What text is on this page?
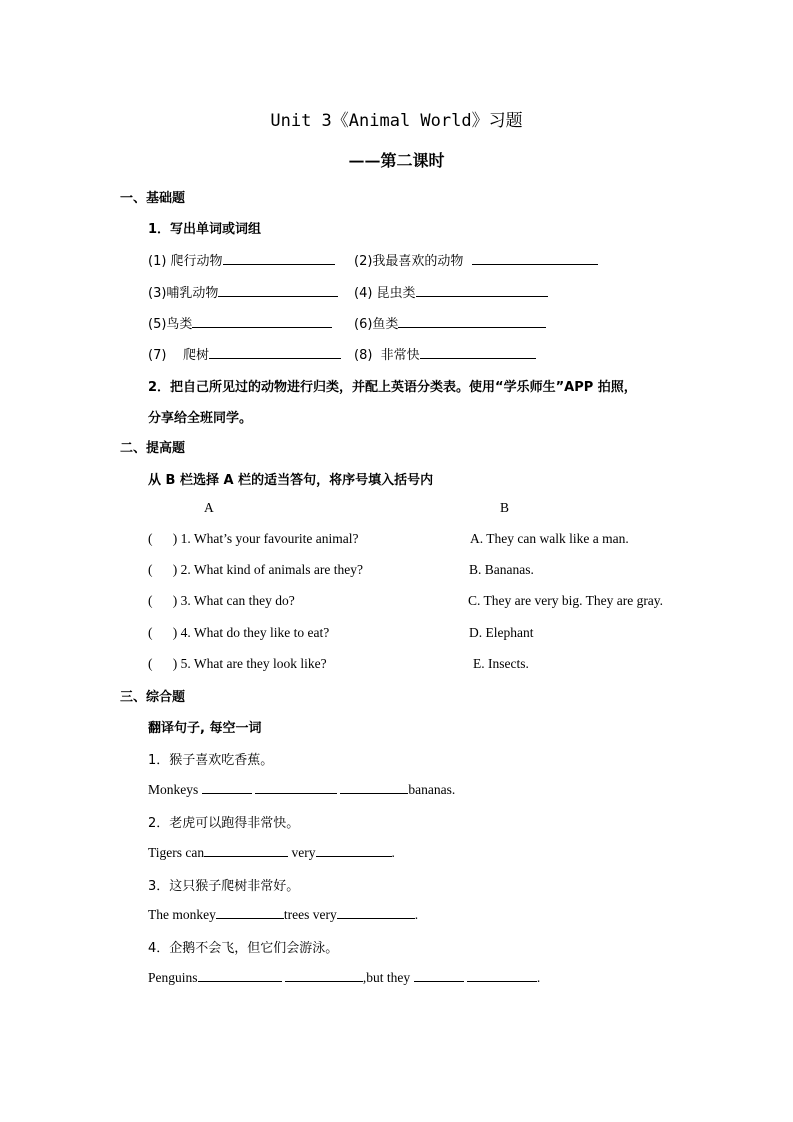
Unit 3《Animal World》习题
——第二课时
一、基础题
1．写出单词或词组
(1) 爬行动物	(2)我最喜欢的动物
(3)哺乳动物	(4) 昆虫类
(5)鸟类	(6)鱼类
(7)    爬树	(8)  非常快
2．把自己所见过的动物进行归类，并配上英语分类表。使用“学乐师生”APP 拍照，
分享给全班同学。
二、提高题
从 B 栏选择 A 栏的适当答句，将序号填入括号内
A	B
(      ) 1. What’s your favourite animal?	A. They can walk like a man.
(      ) 2. What kind of animals are they?	B. Bananas.
(      ) 3. What can they do?	C. They are very big. They are gray.
(      ) 4. What do they like to eat?	D. Elephant
(      ) 5. What are they look like?	E. Insects.
三、综合题
翻译句子, 每空一词
1．猴子喜欢吃香蕉。
Monkeys	bananas.
2．老虎可以跑得非常快。
Tigers can	very	.
3．这只猴子爬树非常好。
The monkey	trees very	.
4．企鹅不会飞，但它们会游泳。
Penguins	,but they	.
